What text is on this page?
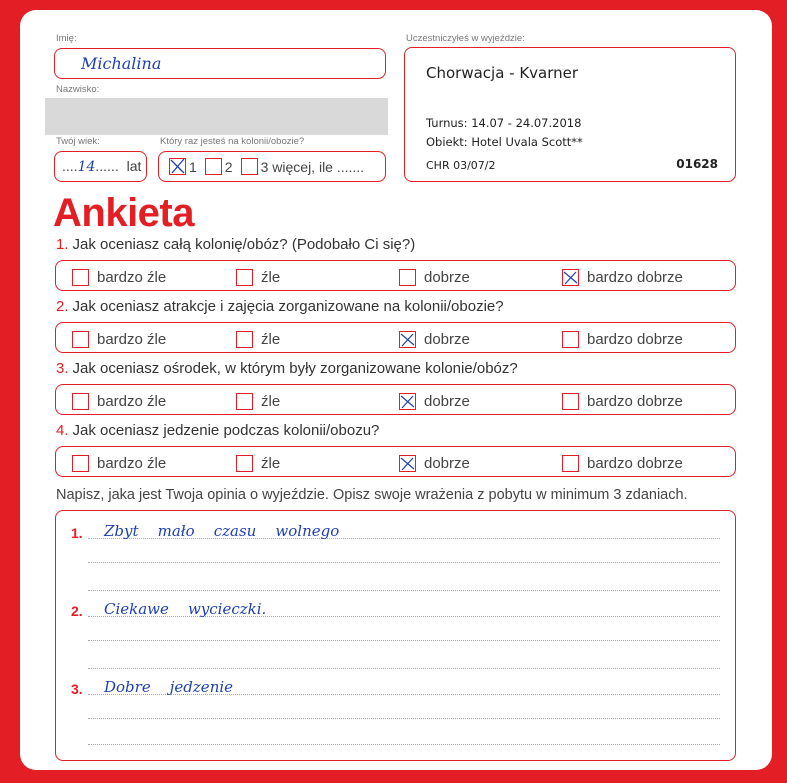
Imię:
Michalina
Nazwisko:
Twój wiek:
....14...... lat
Który raz jesteś na kolonii/obozie?
1 2 3 więcej, ile .......
Uczestniczyłeś w wyjeździe:
Chorwacja - Kvarner
Turnus: 14.07 - 24.07.2018
Obiekt: Hotel Uvala Scott**
CHR 03/07/2	01628
Ankieta
1. Jak oceniasz całą kolonię/obóz? (Podobało Ci się?)
bardzo źle	źle	dobrze	bardzo dobrze
2. Jak oceniasz atrakcje i zajęcia zorganizowane na kolonii/obozie?
bardzo źle	źle	dobrze	bardzo dobrze
3. Jak oceniasz ośrodek, w którym były zorganizowane kolonie/obóz?
bardzo źle	źle	dobrze	bardzo dobrze
4. Jak oceniasz jedzenie podczas kolonii/obozu?
bardzo źle	źle	dobrze	bardzo dobrze
Napisz, jaka jest Twoja opinia o wyjeździe. Opisz swoje wrażenia z pobytu w minimum 3 zdaniach.
1. Zbyt    mało    czasu    wolnego
2. Ciekawe    wycieczki.
3. Dobre    jedzenie
